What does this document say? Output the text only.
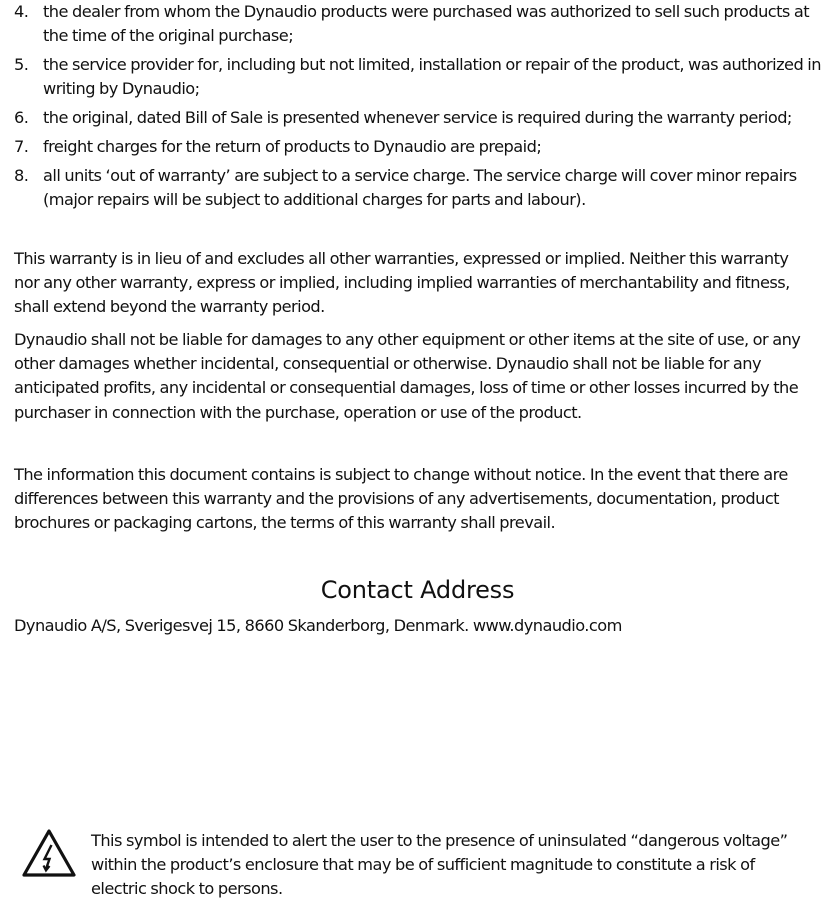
4. the dealer from whom the Dynaudio products were purchased was authorized to sell such products at the time of the original purchase;
5. the service provider for, including but not limited, installation or repair of the product, was authorized in writing by Dynaudio;
6. the original, dated Bill of Sale is presented whenever service is required during the warranty period;
7. freight charges for the return of products to Dynaudio are prepaid;
8. all units ‘out of warranty’ are subject to a service charge. The service charge will cover minor repairs (major repairs will be subject to additional charges for parts and labour).

This warranty is in lieu of and excludes all other warranties, expressed or implied. Neither this warranty nor any other warranty, express or implied, including implied warranties of merchantability and fitness, shall extend beyond the warranty period.

Dynaudio shall not be liable for damages to any other equipment or other items at the site of use, or any other damages whether incidental, consequential or otherwise. Dynaudio shall not be liable for any anticipated profits, any incidental or consequential damages, loss of time or other losses incurred by the purchaser in connection with the purchase, operation or use of the product.

The information this document contains is subject to change without notice. In the event that there are differences between this warranty and the provisions of any advertisements, documentation, product brochures or packaging cartons, the terms of this warranty shall prevail.

Contact Address

Dynaudio A/S, Sverigesvej 15, 8660 Skanderborg, Denmark. www.dynaudio.com

This symbol is intended to alert the user to the presence of uninsulated “dangerous voltage” within the product’s enclosure that may be of sufficient magnitude to constitute a risk of electric shock to persons.
